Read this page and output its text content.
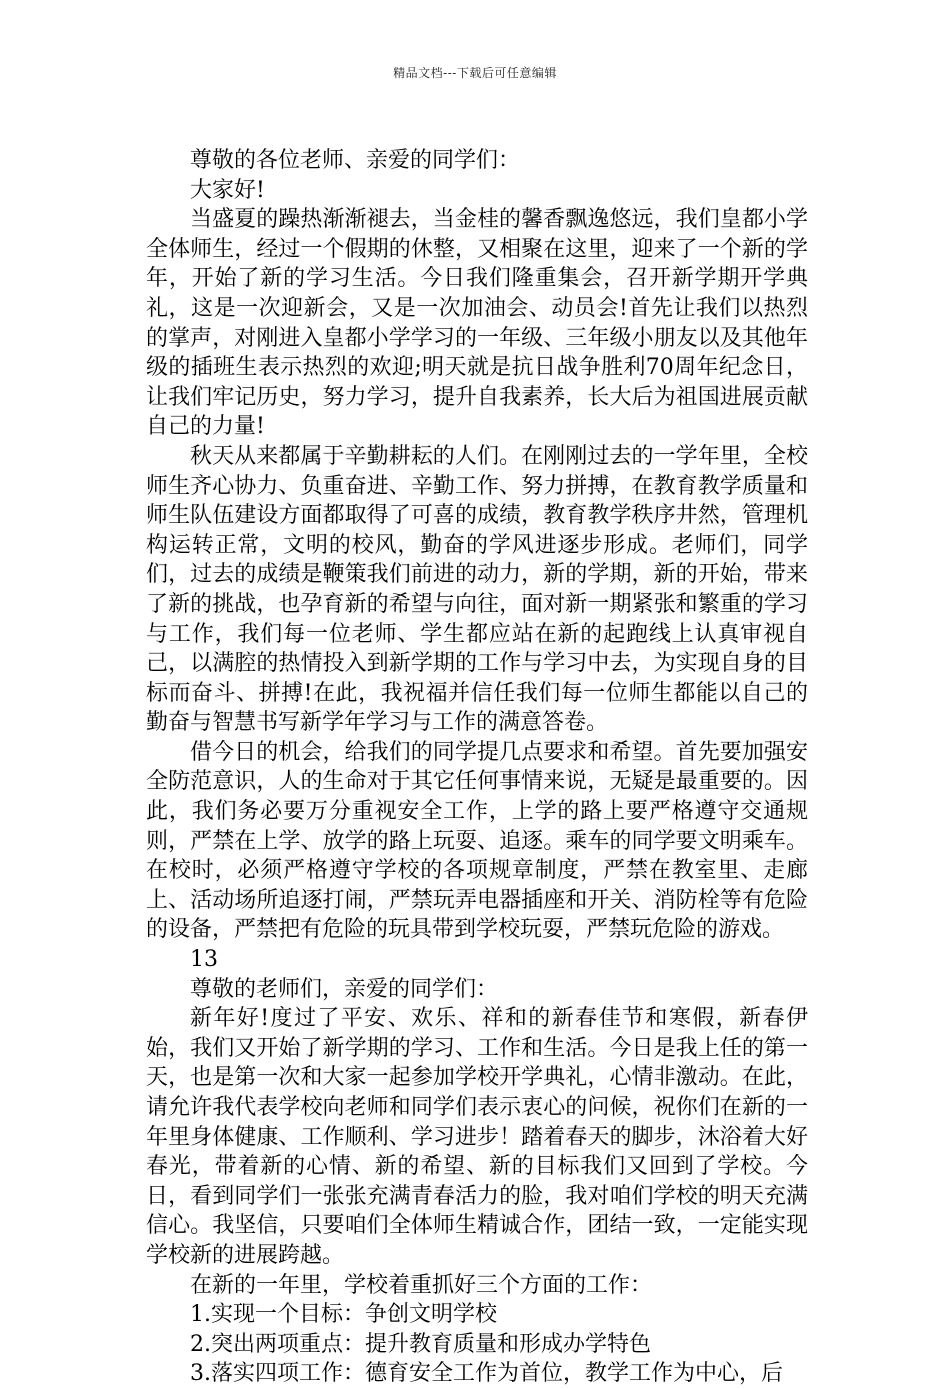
精品文档---下载后可任意编辑

尊敬的各位老师、亲爱的同学们：

大家好!

当盛夏的躁热渐渐褪去，当金桂的馨香飘逸悠远，我们皇都小学全体师生，经过一个假期的休整，又相聚在这里，迎来了一个新的学年，开始了新的学习生活。今日我们隆重集会，召开新学期开学典礼，这是一次迎新会，又是一次加油会、动员会!首先让我们以热烈的掌声，对刚进入皇都小学学习的一年级、三年级小朋友以及其他年级的插班生表示热烈的欢迎;明天就是抗日战争胜利70周年纪念日，让我们牢记历史，努力学习，提升自我素养，长大后为祖国进展贡献自己的力量!

秋天从来都属于辛勤耕耘的人们。在刚刚过去的一学年里，全校师生齐心协力、负重奋进、辛勤工作、努力拼搏，在教育教学质量和师生队伍建设方面都取得了可喜的成绩，教育教学秩序井然，管理机构运转正常，文明的校风，勤奋的学风进逐步形成。老师们，同学们，过去的成绩是鞭策我们前进的动力，新的学期，新的开始，带来了新的挑战，也孕育新的希望与向往，面对新一期紧张和繁重的学习与工作，我们每一位老师、学生都应站在新的起跑线上认真审视自己，以满腔的热情投入到新学期的工作与学习中去，为实现自身的目标而奋斗、拼搏!在此，我祝福并信任我们每一位师生都能以自己的勤奋与智慧书写新学年学习与工作的满意答卷。

借今日的机会，给我们的同学提几点要求和希望。首先要加强安全防范意识，人的生命对于其它任何事情来说，无疑是最重要的。因此，我们务必要万分重视安全工作，上学的路上要严格遵守交通规则，严禁在上学、放学的路上玩耍、追逐。乘车的同学要文明乘车。在校时，必须严格遵守学校的各项规章制度，严禁在教室里、走廊上、活动场所追逐打闹，严禁玩弄电器插座和开关、消防栓等有危险的设备，严禁把有危险的玩具带到学校玩耍，严禁玩危险的游戏。

13

尊敬的老师们，亲爱的同学们：

新年好!度过了平安、欢乐、祥和的新春佳节和寒假，新春伊始，我们又开始了新学期的学习、工作和生活。今日是我上任的第一天，也是第一次和大家一起参加学校开学典礼，心情非激动。在此，请允许我代表学校向老师和同学们表示衷心的问候，祝你们在新的一年里身体健康、工作顺利、学习进步！踏着春天的脚步，沐浴着大好春光，带着新的心情、新的希望、新的目标我们又回到了学校。今日，看到同学们一张张充满青春活力的脸，我对咱们学校的明天充满信心。我坚信，只要咱们全体师生精诚合作，团结一致，一定能实现学校新的进展跨越。

在新的一年里，学校着重抓好三个方面的工作：

1.实现一个目标：争创文明学校

2.突出两项重点：提升教育质量和形成办学特色

3.落实四项工作：德育安全工作为首位，教学工作为中心，后
